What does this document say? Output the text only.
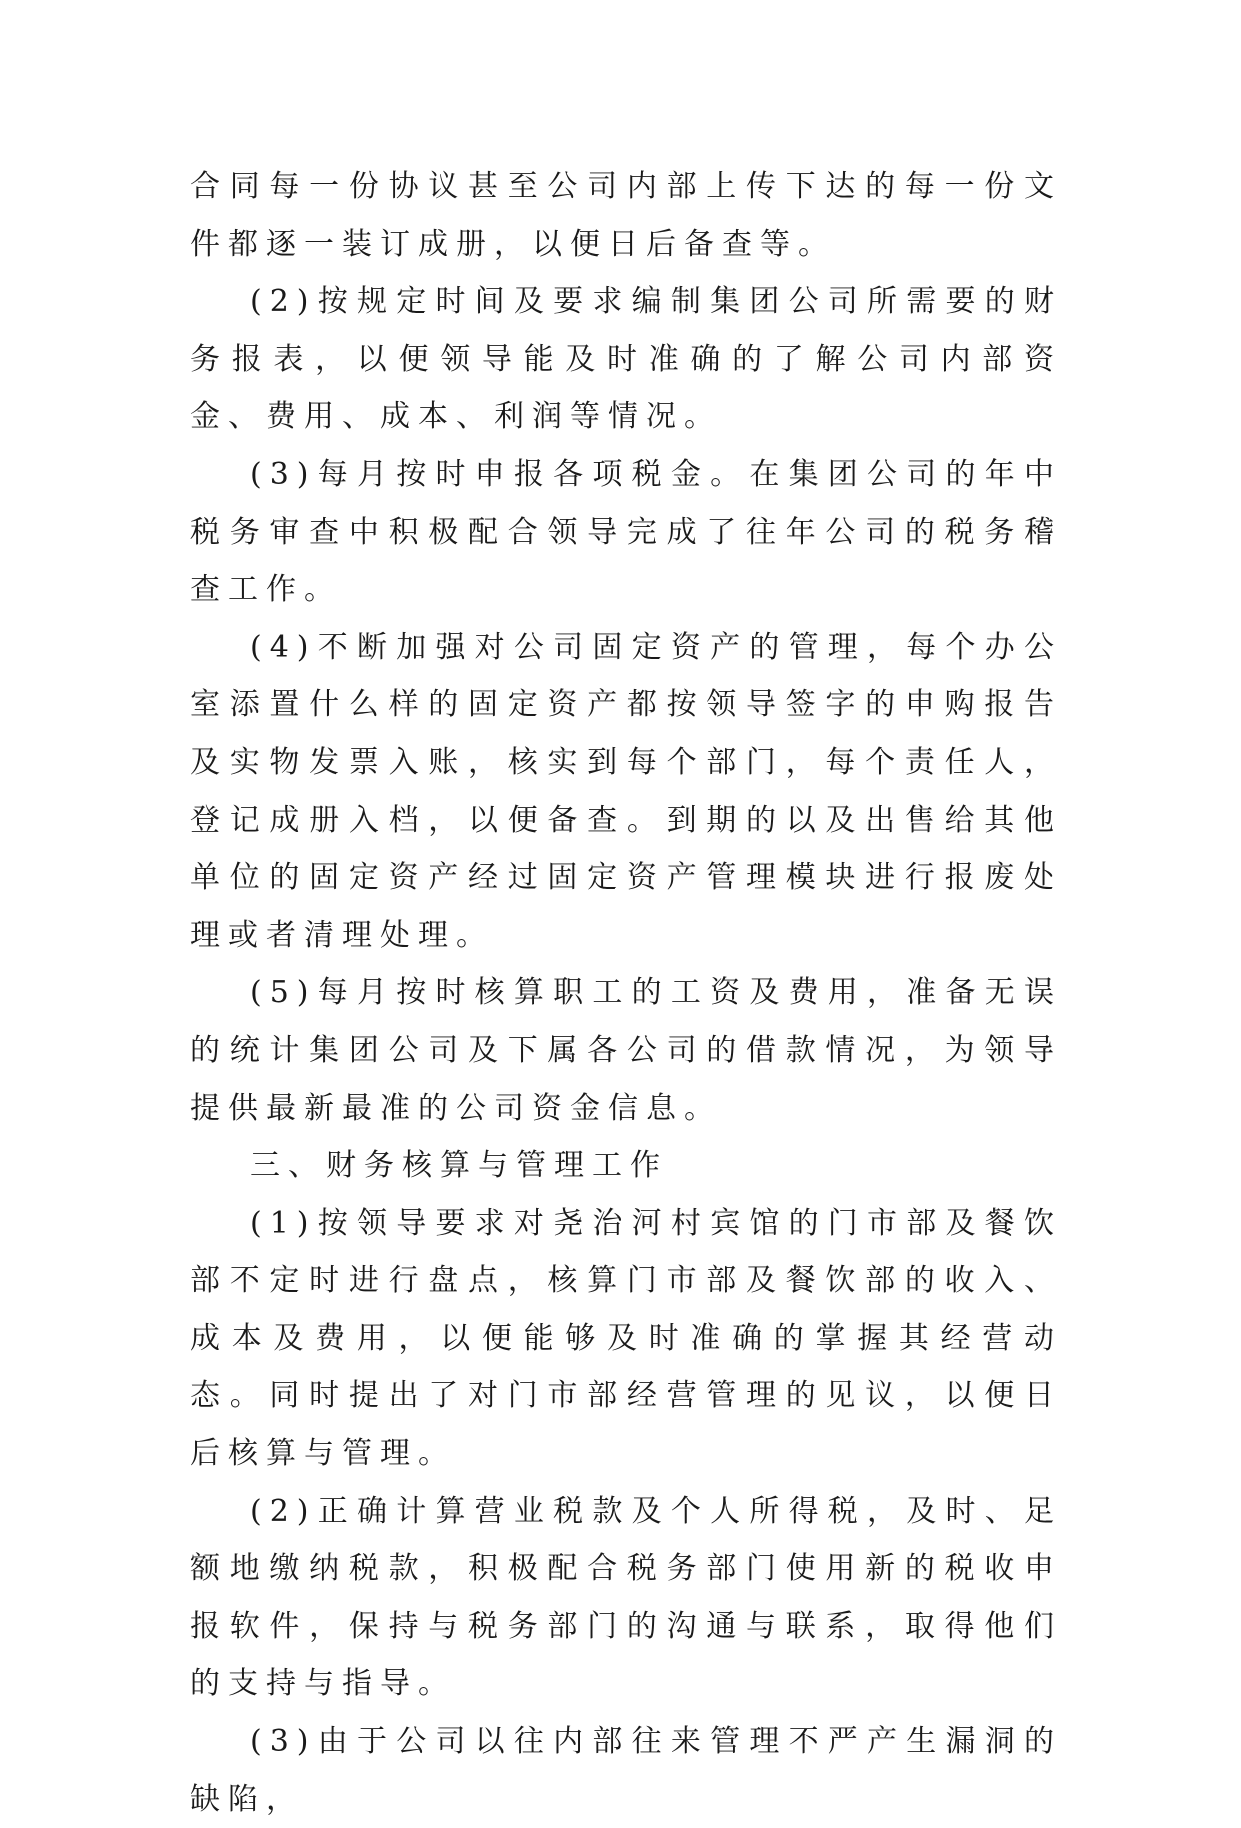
合同每一份协议甚至公司内部上传下达的每一份文件都逐一装订成册，以便日后备查等。

(2)按规定时间及要求编制集团公司所需要的财务报表，以便领导能及时准确的了解公司内部资金、费用、成本、利润等情况。

(3)每月按时申报各项税金。在集团公司的年中税务审查中积极配合领导完成了往年公司的税务稽查工作。

(4)不断加强对公司固定资产的管理，每个办公室添置什么样的固定资产都按领导签字的申购报告及实物发票入账，核实到每个部门，每个责任人，登记成册入档，以便备查。到期的以及出售给其他单位的固定资产经过固定资产管理模块进行报废处理或者清理处理。

(5)每月按时核算职工的工资及费用，准备无误的统计集团公司及下属各公司的借款情况，为领导提供最新最准的公司资金信息。

三、财务核算与管理工作

(1)按领导要求对尧治河村宾馆的门市部及餐饮部不定时进行盘点，核算门市部及餐饮部的收入、成本及费用，以便能够及时准确的掌握其经营动态。同时提出了对门市部经营管理的见议，以便日后核算与管理。

(2)正确计算营业税款及个人所得税，及时、足额地缴纳税款，积极配合税务部门使用新的税收申报软件，保持与税务部门的沟通与联系，取得他们的支持与指导。

(3)由于公司以往内部往来管理不严产生漏洞的缺陷，
